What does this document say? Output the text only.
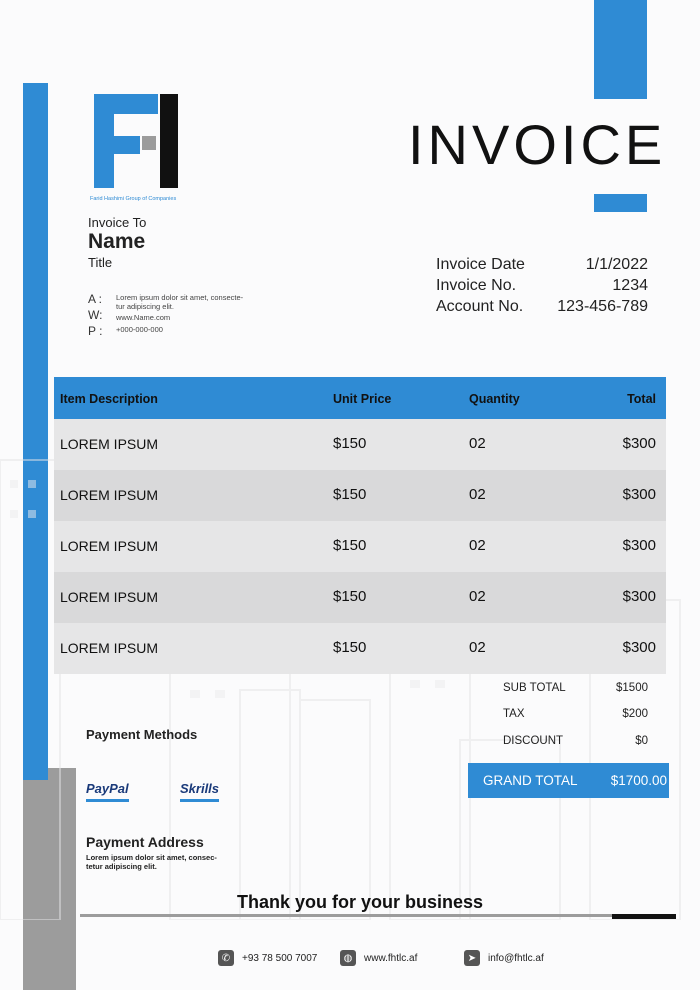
Farid Hashimi Group of Companies
INVOICE
Invoice To
Name
Title
A : Lorem ipsum dolor sit amet, consecte-
tur adipiscing elit.
W: www.Name.com
P : +000-000-000
Invoice Date	1/1/2022
Invoice No.	1234
Account No. 123-456-789
Item Description	Unit Price	Quantity	Total
LOREM IPSUM	$150	02	$300
LOREM IPSUM	$150	02	$300
LOREM IPSUM	$150	02	$300
LOREM IPSUM	$150	02	$300
LOREM IPSUM	$150	02	$300
SUB TOTAL	$1500
TAX	$200
DISCOUNT	$0
GRAND TOTAL $1700.00
Payment Methods
PayPal	Skrills
Payment Address
Lorem ipsum dolor sit amet, consec-
tetur adipiscing elit.
Thank you for your business
✆	+93 78 500 7007	◍	www.fhtlc.af	➤	info@fhtlc.af
